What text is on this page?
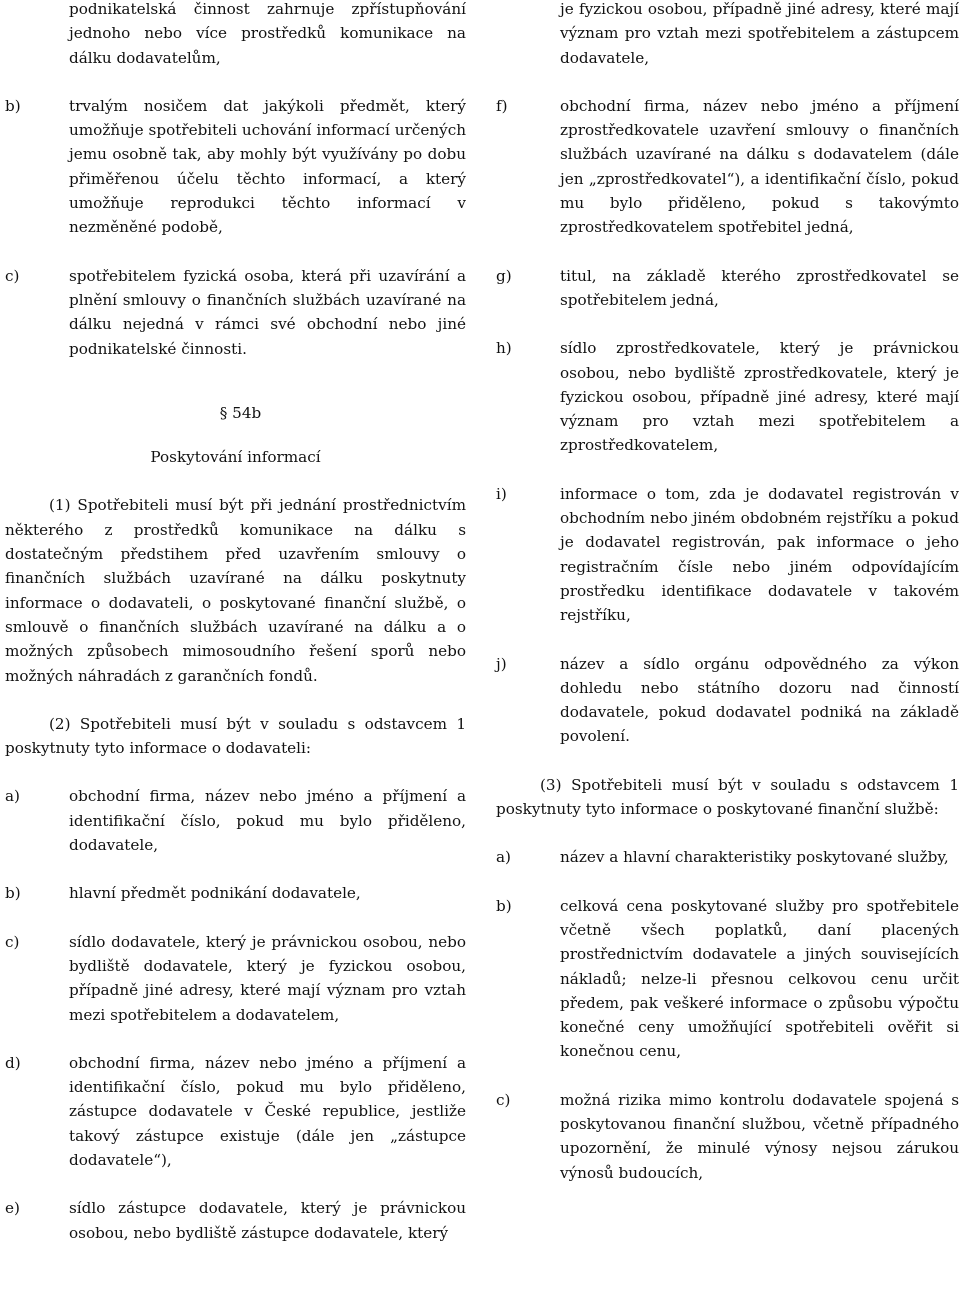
podnikatelská činnost zahrnuje zpřístupňování jednoho nebo více prostředků komunikace na dálku dodavatelům,

b)	trvalým nosičem dat jakýkoli předmět, který umožňuje spotřebiteli uchování informací určených jemu osobně tak, aby mohly být využívány po dobu přiměřenou účelu těchto informací, a který umožňuje reprodukci těchto informací v nezměněné podobě,
c)	spotřebitelem fyzická osoba, která při uzavírání a plnění smlouvy o finančních službách uzavírané na dálku nejedná v rámci své obchodní nebo jiné podnikatelské činnosti.
§ 54b
Poskytování informací

(1) Spotřebiteli musí být při jednání prostřednictvím některého z prostředků komunikace na dálku s dostatečným předstihem před uzavřením smlouvy o finančních službách uzavírané na dálku poskytnuty informace o dodavateli, o poskytované finanční službě, o smlouvě o finančních službách uzavírané na dálku a o možných způsobech mimosoudního řešení sporů nebo možných náhradách z garančních fondů.

(2) Spotřebiteli musí být v souladu s odstavcem 1 poskytnuty tyto informace o dodavateli:

a)	obchodní firma, název nebo jméno a příjmení a identifikační číslo, pokud mu bylo přiděleno, dodavatele,
b)	hlavní předmět podnikání dodavatele,
c)	sídlo dodavatele, který je právnickou osobou, nebo bydliště dodavatele, který je fyzickou osobou, případně jiné adresy, které mají význam pro vztah mezi spotřebitelem a dodavatelem,
d)	obchodní firma, název nebo jméno a příjmení a identifikační číslo, pokud mu bylo přiděleno, zástupce dodavatele v České republice, jestliže takový zástupce existuje (dále jen „zástupce dodavatele“),
e)	sídlo zástupce dodavatele, který je právnickou osobou, nebo bydliště zástupce dodavatele, který

je fyzickou osobou, případně jiné adresy, které mají význam pro vztah mezi spotřebitelem a zástupcem dodavatele,

f)	obchodní firma, název nebo jméno a příjmení zprostředkovatele uzavření smlouvy o finančních službách uzavírané na dálku s dodavatelem (dále jen „zprostředkovatel“), a identifikační číslo, pokud mu bylo přiděleno, pokud s takovýmto zprostředkovatelem spotřebitel jedná,
g)	titul, na základě kterého zprostředkovatel se spotřebitelem jedná,
h)	sídlo zprostředkovatele, který je právnickou osobou, nebo bydliště zprostředkovatele, který je fyzickou osobou, případně jiné adresy, které mají význam pro vztah mezi spotřebitelem a zprostředkovatelem,
i)	informace o tom, zda je dodavatel registrován v obchodním nebo jiném obdobném rejstříku a pokud je dodavatel registrován, pak informace o jeho registračním čísle nebo jiném odpovídajícím prostředku identifikace dodavatele v takovém rejstříku,
j)	název a sídlo orgánu odpovědného za výkon dohledu nebo státního dozoru nad činností dodavatele, pokud dodavatel podniká na základě povolení.

(3) Spotřebiteli musí být v souladu s odstavcem 1 poskytnuty tyto informace o poskytované finanční službě:

a)	název a hlavní charakteristiky poskytované služby,
b)	celková cena poskytované služby pro spotřebitele včetně všech poplatků, daní placených prostřednictvím dodavatele a jiných souvisejících nákladů; nelze-li přesnou celkovou cenu určit předem, pak veškeré informace o způsobu výpočtu konečné ceny umožňující spotřebiteli ověřit si konečnou cenu,
c)	možná rizika mimo kontrolu dodavatele spojená s poskytovanou finanční službou, včetně případného upozornění, že minulé výnosy nejsou zárukou výnosů budoucích,
